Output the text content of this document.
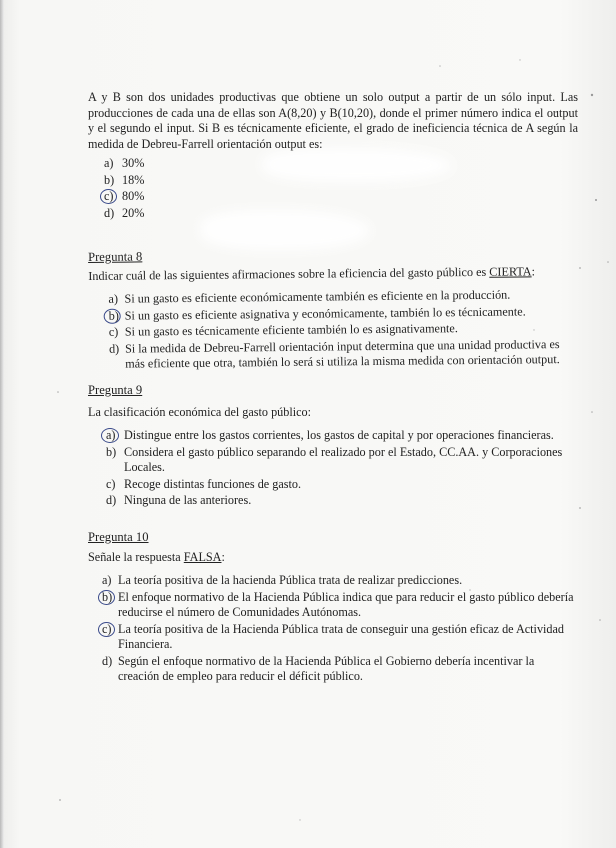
A y B son dos unidades productivas que obtiene un solo output a partir de un sólo input. Las producciones de cada una de ellas son A(8,20) y B(10,20), donde el primer número indica el output y el segundo el input. Si B es técnicamente eficiente, el grado de ineficiencia técnica de A según la medida de Debreu-Farrell orientación output es:

a) 30%
b) 18%
c) 80%
d) 20%
Pregunta 8

Indicar cuál de las siguientes afirmaciones sobre la eficiencia del gasto público es CIERTA:

a) Si un gasto es eficiente económicamente también es eficiente en la producción.
b) Si un gasto es eficiente asignativa y económicamente, también lo es técnicamente.
c) Si un gasto es técnicamente eficiente también lo es asignativamente.
d) Si la medida de Debreu-Farrell orientación input determina que una unidad productiva es más eficiente que otra, también lo será si utiliza la misma medida con orientación output.
Pregunta 9

La clasificación económica del gasto público:

a) Distingue entre los gastos corrientes, los gastos de capital y por operaciones financieras.
b) Considera el gasto público separando el realizado por el Estado, CC.AA. y Corporaciones Locales.
c) Recoge distintas funciones de gasto.
d) Ninguna de las anteriores.
Pregunta 10

Señale la respuesta FALSA:

a) La teoría positiva de la hacienda Pública trata de realizar predicciones.
b) El enfoque normativo de la Hacienda Pública indica que para reducir el gasto público debería reducirse el número de Comunidades Autónomas.
c) La teoría positiva de la Hacienda Pública trata de conseguir una gestión eficaz de Actividad Financiera.
d) Según el enfoque normativo de la Hacienda Pública el Gobierno debería incentivar la creación de empleo para reducir el déficit público.
